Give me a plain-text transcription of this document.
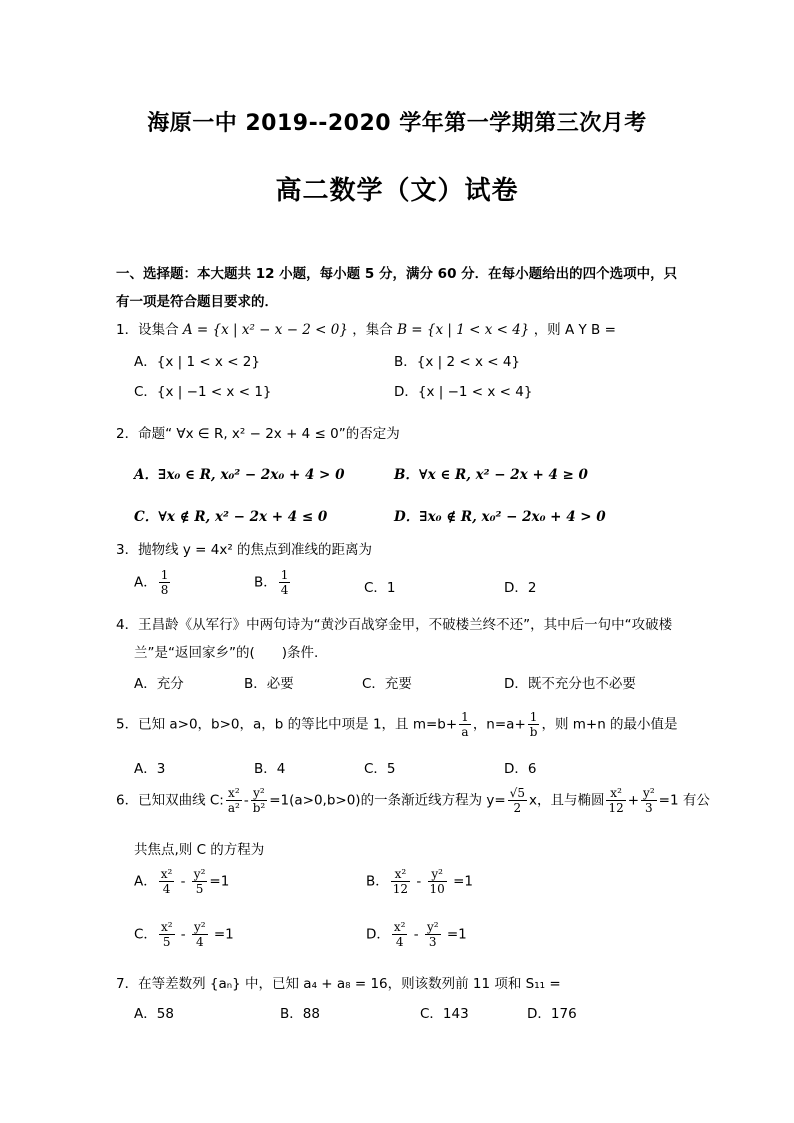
海原一中 2019--2020 学年第一学期第三次月考
高二数学（文）试卷
一、选择题：本大题共 12 小题，每小题 5 分，满分 60 分．在每小题给出的四个选项中，只
有一项是符合题目要求的．
1．设集合 A = {x | x² − x − 2 < 0} ，集合 B = {x | 1 < x < 4} ，则 A Y B =
A．{x | 1 < x < 2}	B．{x | 2 < x < 4}
C．{x | −1 < x < 1}	D．{x | −1 < x < 4}
2．命题“ ∀x ∈ R, x² − 2x + 4 ≤ 0”的否定为
A．∃x₀ ∈ R, x₀² − 2x₀ + 4 > 0	B．∀x ∈ R, x² − 2x + 4 ≥ 0
C．∀x ∉ R, x² − 2x + 4 ≤ 0	D．∃x₀ ∉ R, x₀² − 2x₀ + 4 > 0
3．抛物线 y = 4x² 的焦点到准线的距离为
A． $\frac{1}{8}$	B． $\frac{1}{4}$	C．1	D．2
4．王昌龄《从军行》中两句诗为“黄沙百战穿金甲，不破楼兰终不还”，其中后一句中“攻破楼
兰”是“返回家乡”的(　　)条件.
A．充分	B．必要	C．充要	D．既不充分也不必要
5．已知 a>0，b>0，a，b 的等比中项是 1，且 $m=b+ \frac{1}{a}$ ，$n=a+ \frac{1}{b}$ ，则 m+n 的最小值是
A．3	B．4	C．5	D．6
6．已知双曲线 C: $\frac{\text{x²}}{\text{a²}} - \frac{\text{y²}}{\text{b²}} =1(a>0,b>0)$的一条渐近线方程为 $y= \frac{√5}{2}$ x，且与椭圆 $\frac{\text{x²}}{12} + \frac{\text{y²}}{3} =1$ 有公
共焦点,则 C 的方程为
A． $\frac{\text{x²}}{4} - \frac{\text{y²}}{5} =1$	B． $\frac{\text{x²}}{12} - \frac{\text{y²}}{10} =1$
C． $\frac{\text{x²}}{5} - \frac{\text{y²}}{4} =1$	D． $\frac{\text{x²}}{4} - \frac{\text{y²}}{3} =1$
7．在等差数列 {aₙ} 中，已知 a₄ + a₈ = 16，则该数列前 11 项和 S₁₁ =
A．58	B．88	C．143	D．176
